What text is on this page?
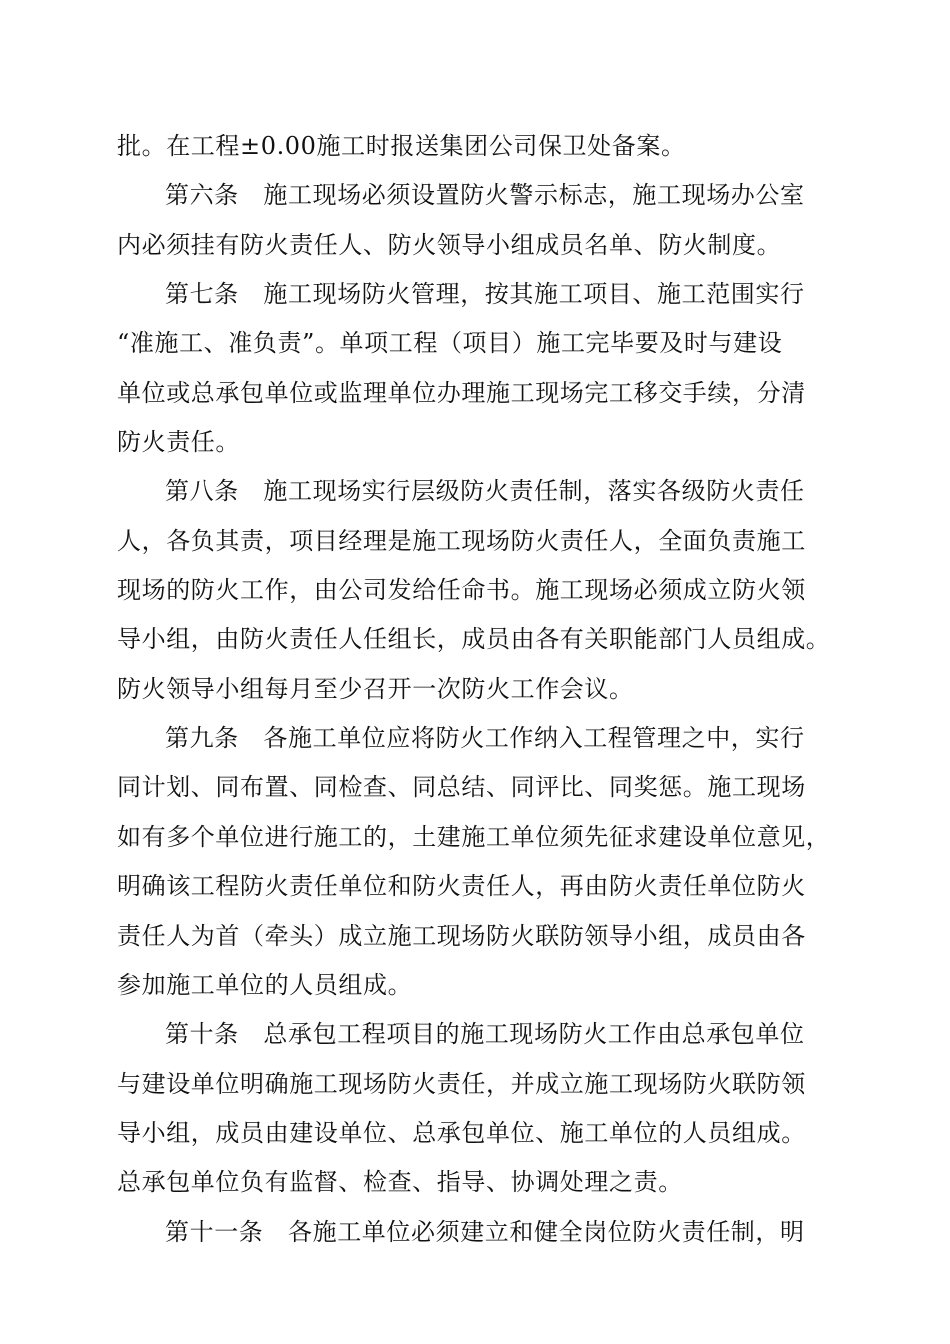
批。在工程±0.00施工时报送集团公司保卫处备案。
第六条　施工现场必须设置防火警示标志，施工现场办公室
内必须挂有防火责任人、防火领导小组成员名单、防火制度。
第七条　施工现场防火管理，按其施工项目、施工范围实行
“准施工、准负责”。单项工程（项目）施工完毕要及时与建设
单位或总承包单位或监理单位办理施工现场完工移交手续，分清
防火责任。
第八条　施工现场实行层级防火责任制，落实各级防火责任
人，各负其责，项目经理是施工现场防火责任人，全面负责施工
现场的防火工作，由公司发给任命书。施工现场必须成立防火领
导小组，由防火责任人任组长，成员由各有关职能部门人员组成。
防火领导小组每月至少召开一次防火工作会议。
第九条　各施工单位应将防火工作纳入工程管理之中，实行
同计划、同布置、同检查、同总结、同评比、同奖惩。施工现场
如有多个单位进行施工的，土建施工单位须先征求建设单位意见，
明确该工程防火责任单位和防火责任人，再由防火责任单位防火
责任人为首（牵头）成立施工现场防火联防领导小组，成员由各
参加施工单位的人员组成。
第十条　总承包工程项目的施工现场防火工作由总承包单位
与建设单位明确施工现场防火责任，并成立施工现场防火联防领
导小组，成员由建设单位、总承包单位、施工单位的人员组成。
总承包单位负有监督、检查、指导、协调处理之责。
第十一条　各施工单位必须建立和健全岗位防火责任制，明
